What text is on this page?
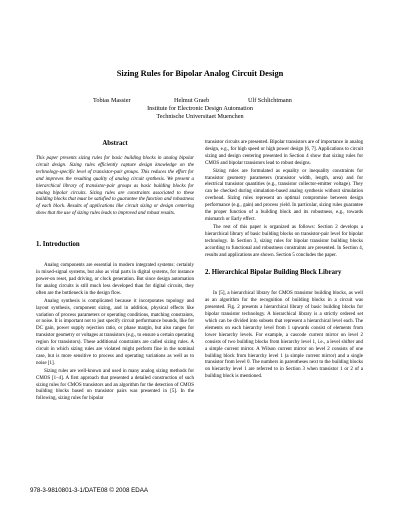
Sizing Rules for Bipolar Analog Circuit Design
Tobias Massier	Helmut Graeb	Ulf Schlichtmann
Institute for Electronic Design Automation
Technische Universitaet Muenchen
Abstract

This paper presents sizing rules for basic building blocks in analog bipolar circuit design. Sizing rules efficiently capture design knowledge on the technology-specific level of transistor-pair groups. This reduces the effort for and improves the resulting quality of analog circuit synthesis. We present a hierarchical library of transistor-pair groups as basic building blocks for analog bipolar circuits. Sizing rules are constraints associated to these building blocks that must be satisfied to guarantee the function and robustness of each block. Results of applications like circuit sizing or design centering show that the use of sizing rules leads to improved and robust results.

1. Introduction

Analog components are essential in modern integrated systems: certainly in mixed-signal systems, but also as vital parts in digital systems, for instance power-on reset, pad driving, or clock generation. But since design automation for analog circuits is still much less developed than for digital circuits, they often are the bottleneck in the design flow.

Analog synthesis is complicated because it incorporates topology and layout synthesis, component sizing, and in addition, physical effects like variation of process parameters or operating conditions, matching constraints, or noise. It is important not to just specify circuit performance bounds, like for DC gain, power supply rejection ratio, or phase margin, but also ranges for transistor geometry or voltages at transistors (e.g., to ensure a certain operating region for transistors). These additional constraints are called sizing rules. A circuit in which sizing rules are violated might perform fine in the nominal case, but is more sensitive to process and operating variations as well as to noise [1].

Sizing rules are well-known and used in many analog sizing methods for CMOS [1–4]. A first approach that presented a detailed construction of such sizing rules for CMOS transistors and an algorithm for the detection of CMOS building blocks based on transistor pairs was presented in [5]. In the following, sizing rules for bipolar

transistor circuits are presented. Bipolar transistors are of importance in analog design, e.g., for high speed or high power design [6, 7]. Applications to circuit sizing and design centering presented in Section 4 show that sizing rules for CMOS and bipolar transistors lead to robust designs.

Sizing rules are formulated as equality or inequality constraints for transistor geometry parameters (transistor width, length, area) and for electrical transistor quantities (e.g., transistor collector-emitter voltage). They can be checked during simulation-based analog synthesis without simulation overhead. Sizing rules represent an optimal compromise between design performance (e.g., gain) and process yield. In particular, sizing rules guarantee the proper function of a building block and its robustness, e.g., towards mismatch or Early effect.

The rest of this paper is organized as follows: Section 2 develops a hierarchical library of basic building blocks on transistor-pair level for bipolar technology. In Section 3, sizing rules for bipolar transistor building blocks according to functional and robustness constraints are presented. In Section 4, results and applications are shown. Section 5 concludes the paper.

2. Hierarchical Bipolar Building Block Library

In [5], a hierarchical library for CMOS transistor building blocks, as well as an algorithm for the recognition of building blocks in a circuit was presented. Fig. 2 presents a hierarchical library of basic building blocks for bipolar transistor technology. A hierarchical library is a strictly ordered set which can be divided into subsets that represent a hierarchical level each. The elements on each hierarchy level from 1 upwards consist of elements from lower hierarchy levels. For example, a cascode current mirror on level 2 consists of two building blocks from hierarchy level 1, i.e., a level shifter and a simple current mirror. A Wilson current mirror on level 2 consists of one building block from hierarchy level 1 (a simple current mirror) and a single transistor from level 0. The numbers in parentheses next to the building blocks on hierarchy level 1 are referred to in Section 3 when transistor 1 or 2 of a building block is mentioned.

978-3-9810801-3-1/DATE08 © 2008 EDAA
